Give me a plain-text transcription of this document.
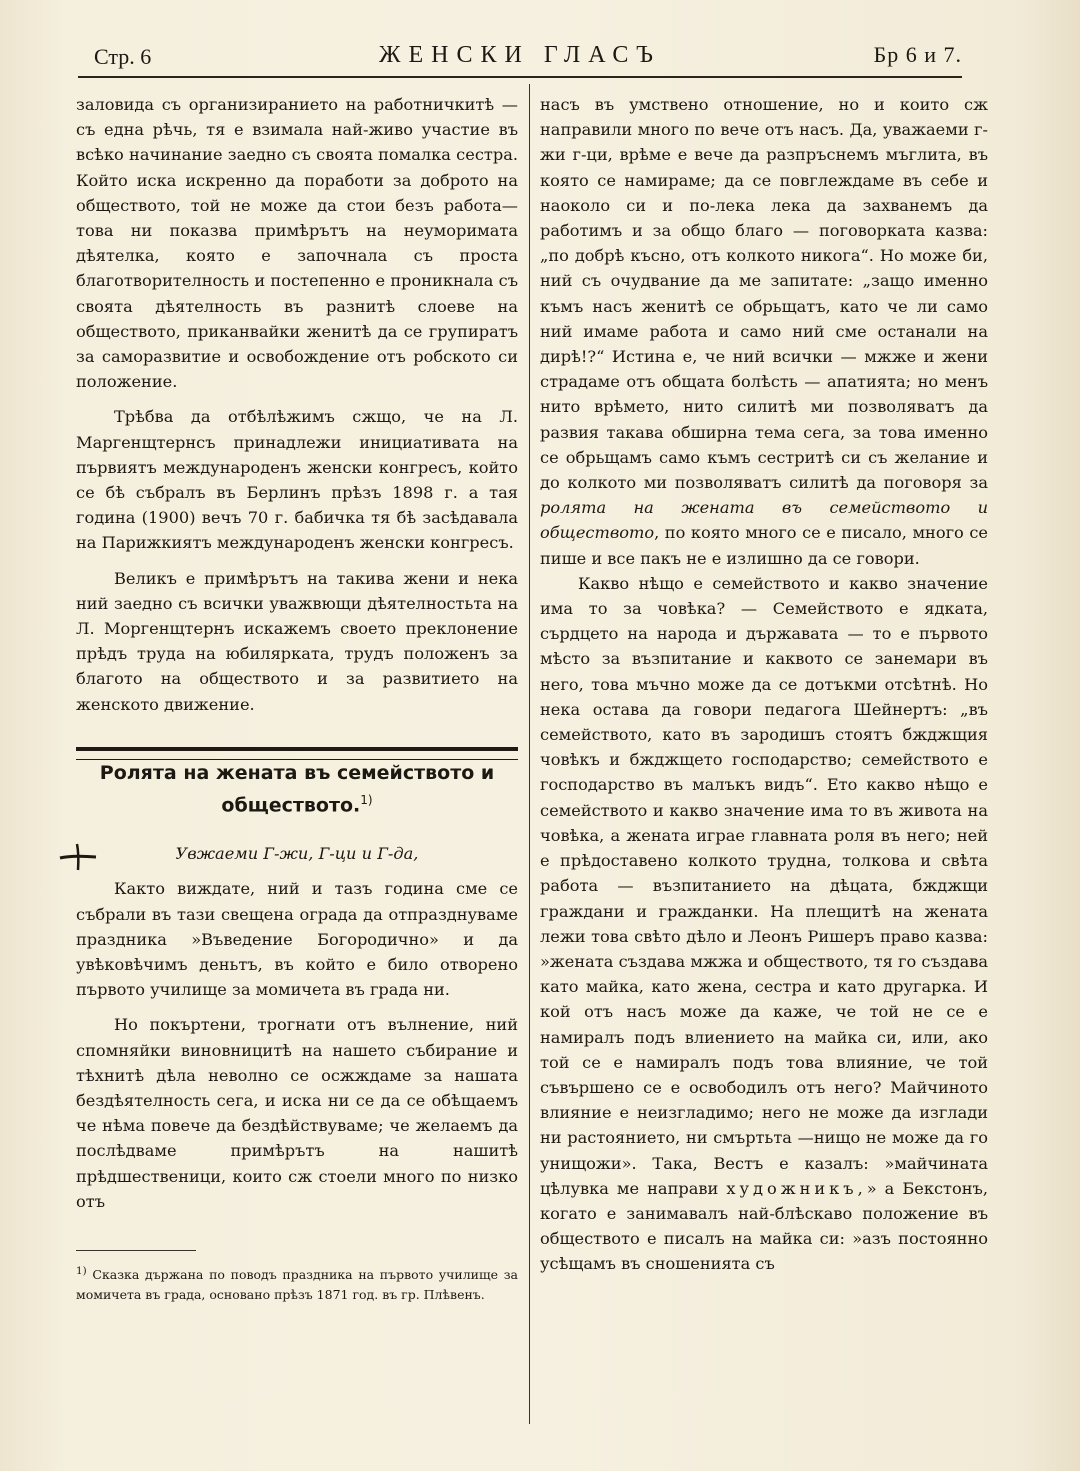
Стр. 6	ЖЕНСКИ ГЛАСЪ	Бр 6 и 7.

заловида съ организиранието на работничкитѣ — съ една рѣчь, тя е взимала най-живо участие въ всѣко начинание заедно съ своята помалка сестра. Който иска искренно да поработи за доброто на обществото, той не може да стои безъ работа—това ни показва примѣрътъ на неуморимата дѣятелка, която е започнала съ проста благотворителность и постепенно е проникнала съ своята дѣятелность въ разнитѣ слоеве на обществото, приканвайки женитѣ да се групиратъ за саморазвитие и освобождение отъ робското си положение.

Трѣбва да отбѣлѣжимъ сжщо, че на Л. Маргенщтернсъ принадлежи инициативата на първиятъ международенъ женски конгресъ, който се бѣ събралъ въ Берлинъ прѣзъ 1898 г. а тая година (1900) вечъ 70 г. бабичка тя бѣ засѣдавала на Парижкиятъ международенъ женски конгресъ.

Великъ е примѣрътъ на такива жени и нека ний заедно съ всички уважвющи дѣятелностьта на Л. Моргенщтернъ искажемъ своето преклонение прѣдъ труда на юбилярката, трудъ положенъ за благото на обществото и за развитието на женското движение.

Ролята на жената въ семейството и обществото.$^{1)}$

Увжаеми Г-жи, Г-ци и Г-да,

Както виждате, ний и тазъ година сме се събрали въ тази свещена ограда да отпразднуваме праздника »Въведение Богородично» и да увѣковѣчимъ деньтъ, въ който е било отворено първото училище за момичета въ града ни.

Но покъртени, трогнати отъ вълнение, ний спомняйки виновницитѣ на нашето събирание и тѣхнитѣ дѣла неволно се осжждаме за нашата бездѣятелность сега, и иска ни се да се обѣщаемъ че нѣма повече да бездѣйствуваме; че желаемъ да послѣдваме примѣрътъ на нашитѣ прѣдшественици, които сж стоели много по низко отъ

$^{1)}$ Сказка държана по поводъ праздника на първото училище за момичета въ града, основано прѣзъ 1871 год. въ гр. Плѣвенъ.

насъ въ умствено отношение, но и които сж направили много по вече отъ насъ. Да, уважаеми г-жи г-ци, врѣме е вече да разпръснемъ мъглита, въ която се намираме; да се повглеждаме въ себе и наоколо си и по-лека лека да захванемъ да работимъ и за общо благо — поговорката казва: „по добрѣ късно, отъ колкото никога“. Но може би, ний съ очудвание да ме запитате: „защо именно къмъ насъ женитѣ се обрьщатъ, като че ли само ний имаме работа и само ний сме останали на дирѣ!?“ Истина е, че ний всички — мжже и жени страдаме отъ общата болѣсть — апатията; но менъ нито врѣмето, нито силитѣ ми позволяватъ да развия такава обширна тема сега, за това именно се обрьщамъ само къмъ сестритѣ си съ желание и до колкото ми позволяватъ силитѣ да поговоря за ролята на жената въ семейството и обществото, по която много се е писало, много се пише и все пакъ не е излишно да се говори.

Какво нѣщо е семейството и какво значение има то за човѣка? — Семейството е ядката, сърдцето на народа и държавата — то е първото мѣсто за възпитание и каквото се занемари въ него, това мъчно може да се дотъкми отсѣтнѣ. Но нека остава да говори педагога Шейнертъ: „въ семейството, като въ зародишъ стоятъ бжджщия човѣкъ и бжджщето господарство; семейството е господарство въ малъкъ видъ“. Ето какво нѣщо е семейството и какво значение има то въ живота на човѣка, а жената играе главната роля въ него; ней е прѣдоставено колкото трудна, толкова и свѣта работа — възпитанието на дѣцата, бжджщи граждани и гражданки. На плещитѣ на жената лежи това свѣто дѣло и Леонъ Ришеръ право казва: »жената създава мжжа и обществото, тя го създава като майка, като жена, сестра и като другарка. И кой отъ насъ може да каже, че той не се е намиралъ подъ влиението на майка си, или, ако той се е намиралъ подъ това влияние, че той съвършено се е освободилъ отъ него? Майчиното влияние е неизгладимо; него не може да изглади ни растоянието, ни смъртьта —нищо не може да го унищожи». Така, Вестъ е казалъ: »майчината цѣлувка ме направи художникъ,» а Бекстонъ, когато е занимавалъ най-блѣскаво положение въ обществото е писалъ на майка си: »азъ постоянно усѣщамъ въ сношенията съ
